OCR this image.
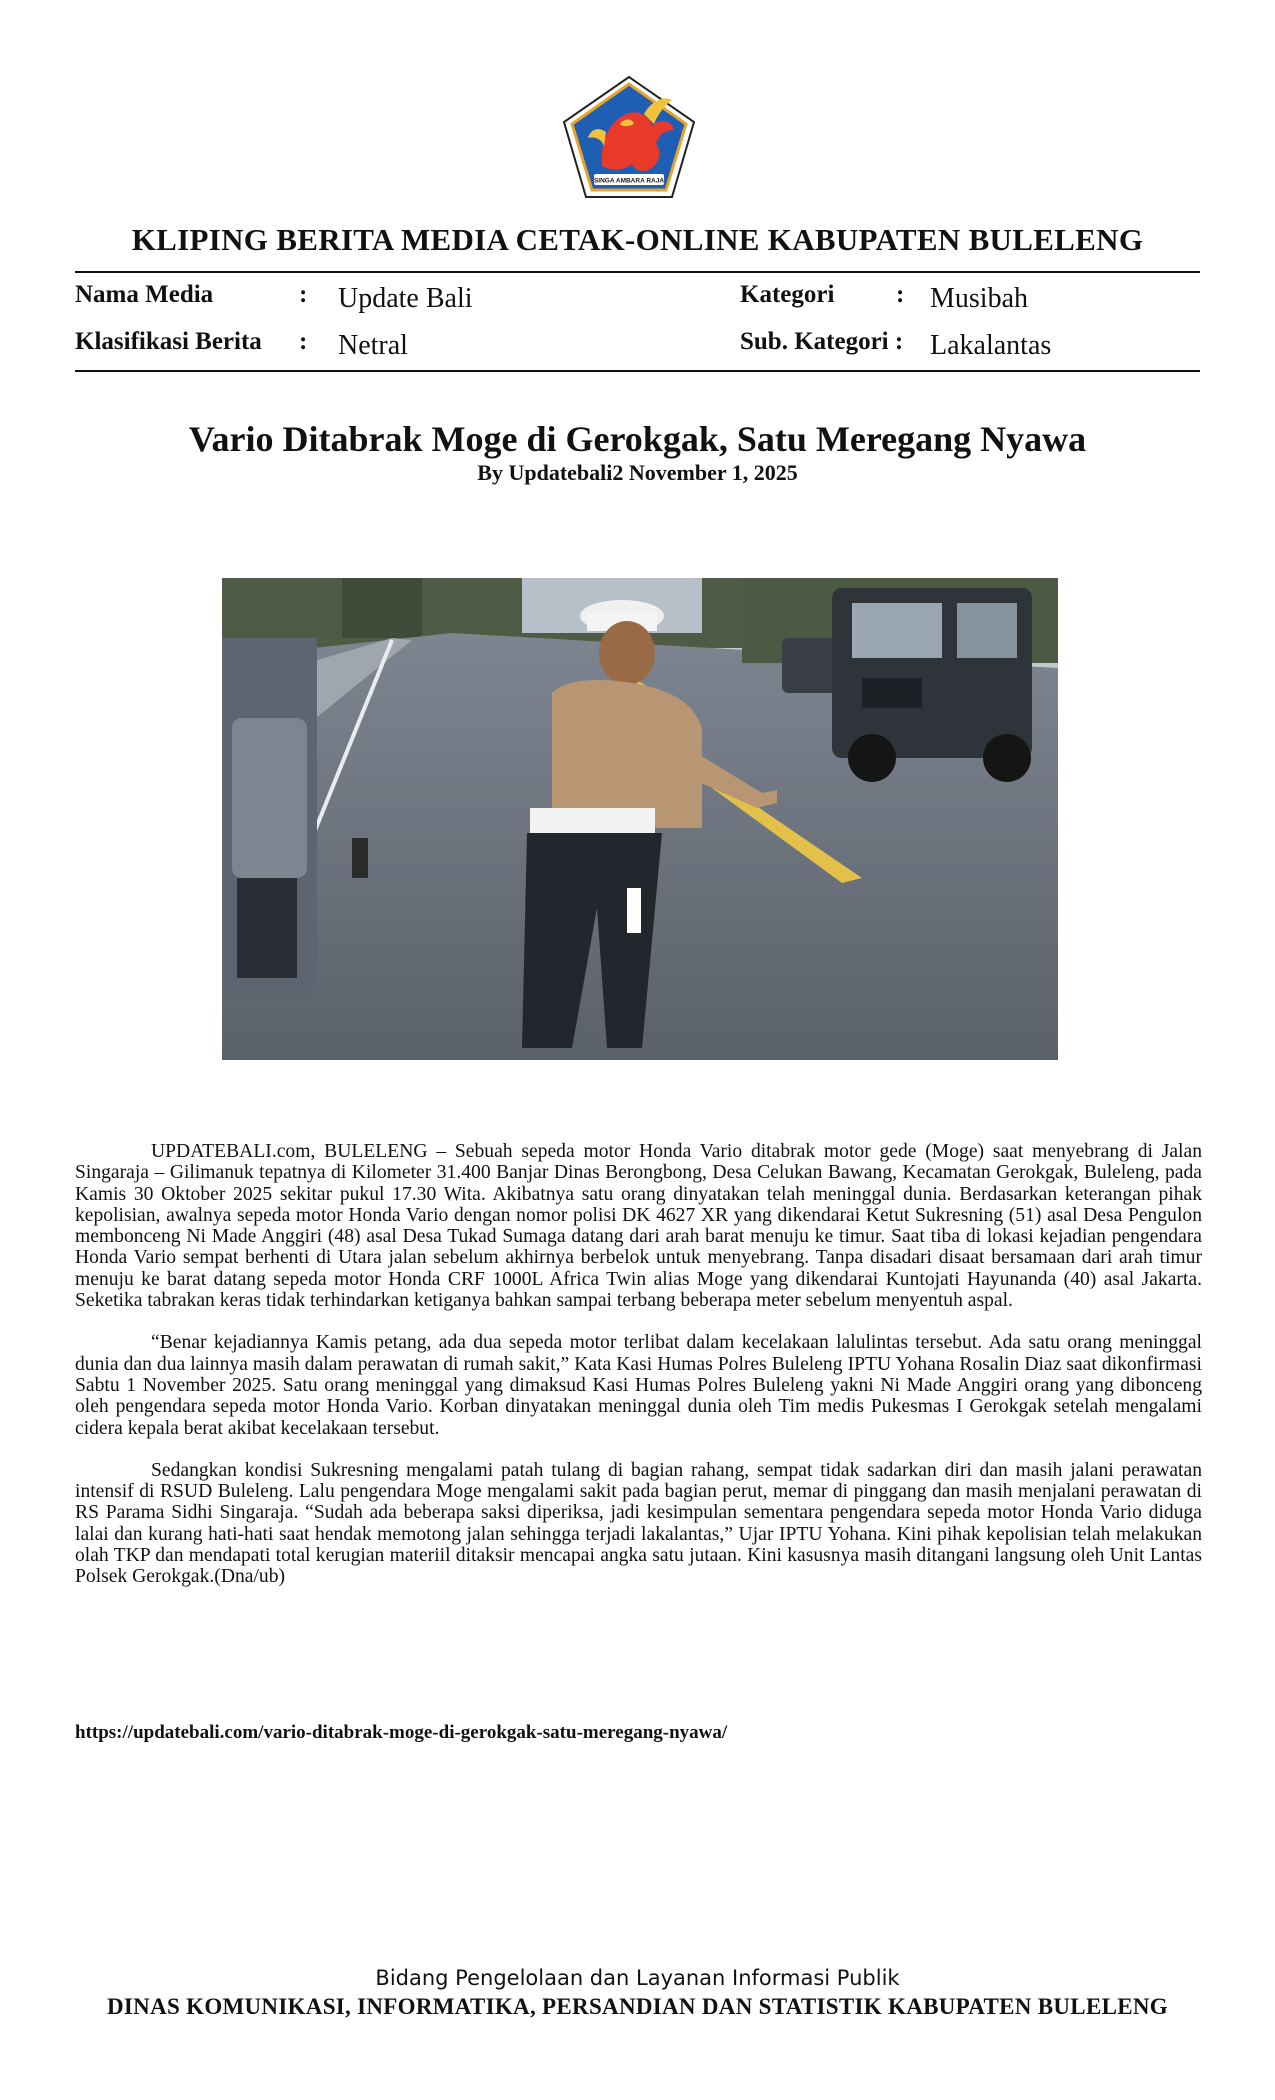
SINGA AMBARA RAJA
KLIPING BERITA MEDIA CETAK-ONLINE KABUPATEN BULELENG
Nama Media	: Update Bali
Klasifikasi Berita : Netral
Kategori : Musibah
Sub. Kategori : Lakalantas
Vario Ditabrak Moge di Gerokgak, Satu Meregang Nyawa
By Updatebali2 November 1, 2025

UPDATEBALI.com, BULELENG – Sebuah sepeda motor Honda Vario ditabrak motor gede (Moge) saat menyebrang di Jalan Singaraja – Gilimanuk tepatnya di Kilometer 31.400 Banjar Dinas Berongbong, Desa Celukan Bawang, Kecamatan Gerokgak, Buleleng, pada Kamis 30 Oktober 2025 sekitar pukul 17.30 Wita. Akibatnya satu orang dinyatakan telah meninggal dunia. Berdasarkan keterangan pihak kepolisian, awalnya sepeda motor Honda Vario dengan nomor polisi DK 4627 XR yang dikendarai Ketut Sukresning (51) asal Desa Pengulon membonceng Ni Made Anggiri (48) asal Desa Tukad Sumaga datang dari arah barat menuju ke timur. Saat tiba di lokasi kejadian pengendara Honda Vario sempat berhenti di Utara jalan sebelum akhirnya berbelok untuk menyebrang. Tanpa disadari disaat bersamaan dari arah timur menuju ke barat datang sepeda motor Honda CRF 1000L Africa Twin alias Moge yang dikendarai Kuntojati Hayunanda (40) asal Jakarta. Seketika tabrakan keras tidak terhindarkan ketiganya bahkan sampai terbang beberapa meter sebelum menyentuh aspal.

“Benar kejadiannya Kamis petang, ada dua sepeda motor terlibat dalam kecelakaan lalulintas tersebut. Ada satu orang meninggal dunia dan dua lainnya masih dalam perawatan di rumah sakit,” Kata Kasi Humas Polres Buleleng IPTU Yohana Rosalin Diaz saat dikonfirmasi Sabtu 1 November 2025. Satu orang meninggal yang dimaksud Kasi Humas Polres Buleleng yakni Ni Made Anggiri orang yang dibonceng oleh pengendara sepeda motor Honda Vario. Korban dinyatakan meninggal dunia oleh Tim medis Pukesmas I Gerokgak setelah mengalami cidera kepala berat akibat kecelakaan tersebut.

Sedangkan kondisi Sukresning mengalami patah tulang di bagian rahang, sempat tidak sadarkan diri dan masih jalani perawatan intensif di RSUD Buleleng. Lalu pengendara Moge mengalami sakit pada bagian perut, memar di pinggang dan masih menjalani perawatan di RS Parama Sidhi Singaraja. “Sudah ada beberapa saksi diperiksa, jadi kesimpulan sementara pengendara sepeda motor Honda Vario diduga lalai dan kurang hati-hati saat hendak memotong jalan sehingga terjadi lakalantas,” Ujar IPTU Yohana. Kini pihak kepolisian telah melakukan olah TKP dan mendapati total kerugian materiil ditaksir mencapai angka satu jutaan. Kini kasusnya masih ditangani langsung oleh Unit Lantas Polsek Gerokgak.(Dna/ub)

https://updatebali.com/vario-ditabrak-moge-di-gerokgak-satu-meregang-nyawa/
Bidang Pengelolaan dan Layanan Informasi Publik
DINAS KOMUNIKASI, INFORMATIKA, PERSANDIAN DAN STATISTIK KABUPATEN BULELENG
